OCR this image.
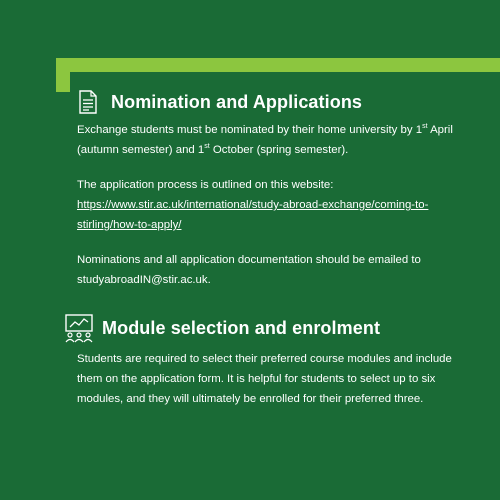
Nomination and Applications

Exchange students must be nominated by their home university by 1st April
(autumn semester) and 1st October (spring semester).

The application process is outlined on this website:
https://www.stir.ac.uk/international/study-abroad-exchange/coming-to-
stirling/how-to-apply/

Nominations and all application documentation should be emailed to
studyabroadIN@stir.ac.uk.

Module selection and enrolment

Students are required to select their preferred course modules and include
them on the application form. It is helpful for students to select up to six
modules, and they will ultimately be enrolled for their preferred three.
